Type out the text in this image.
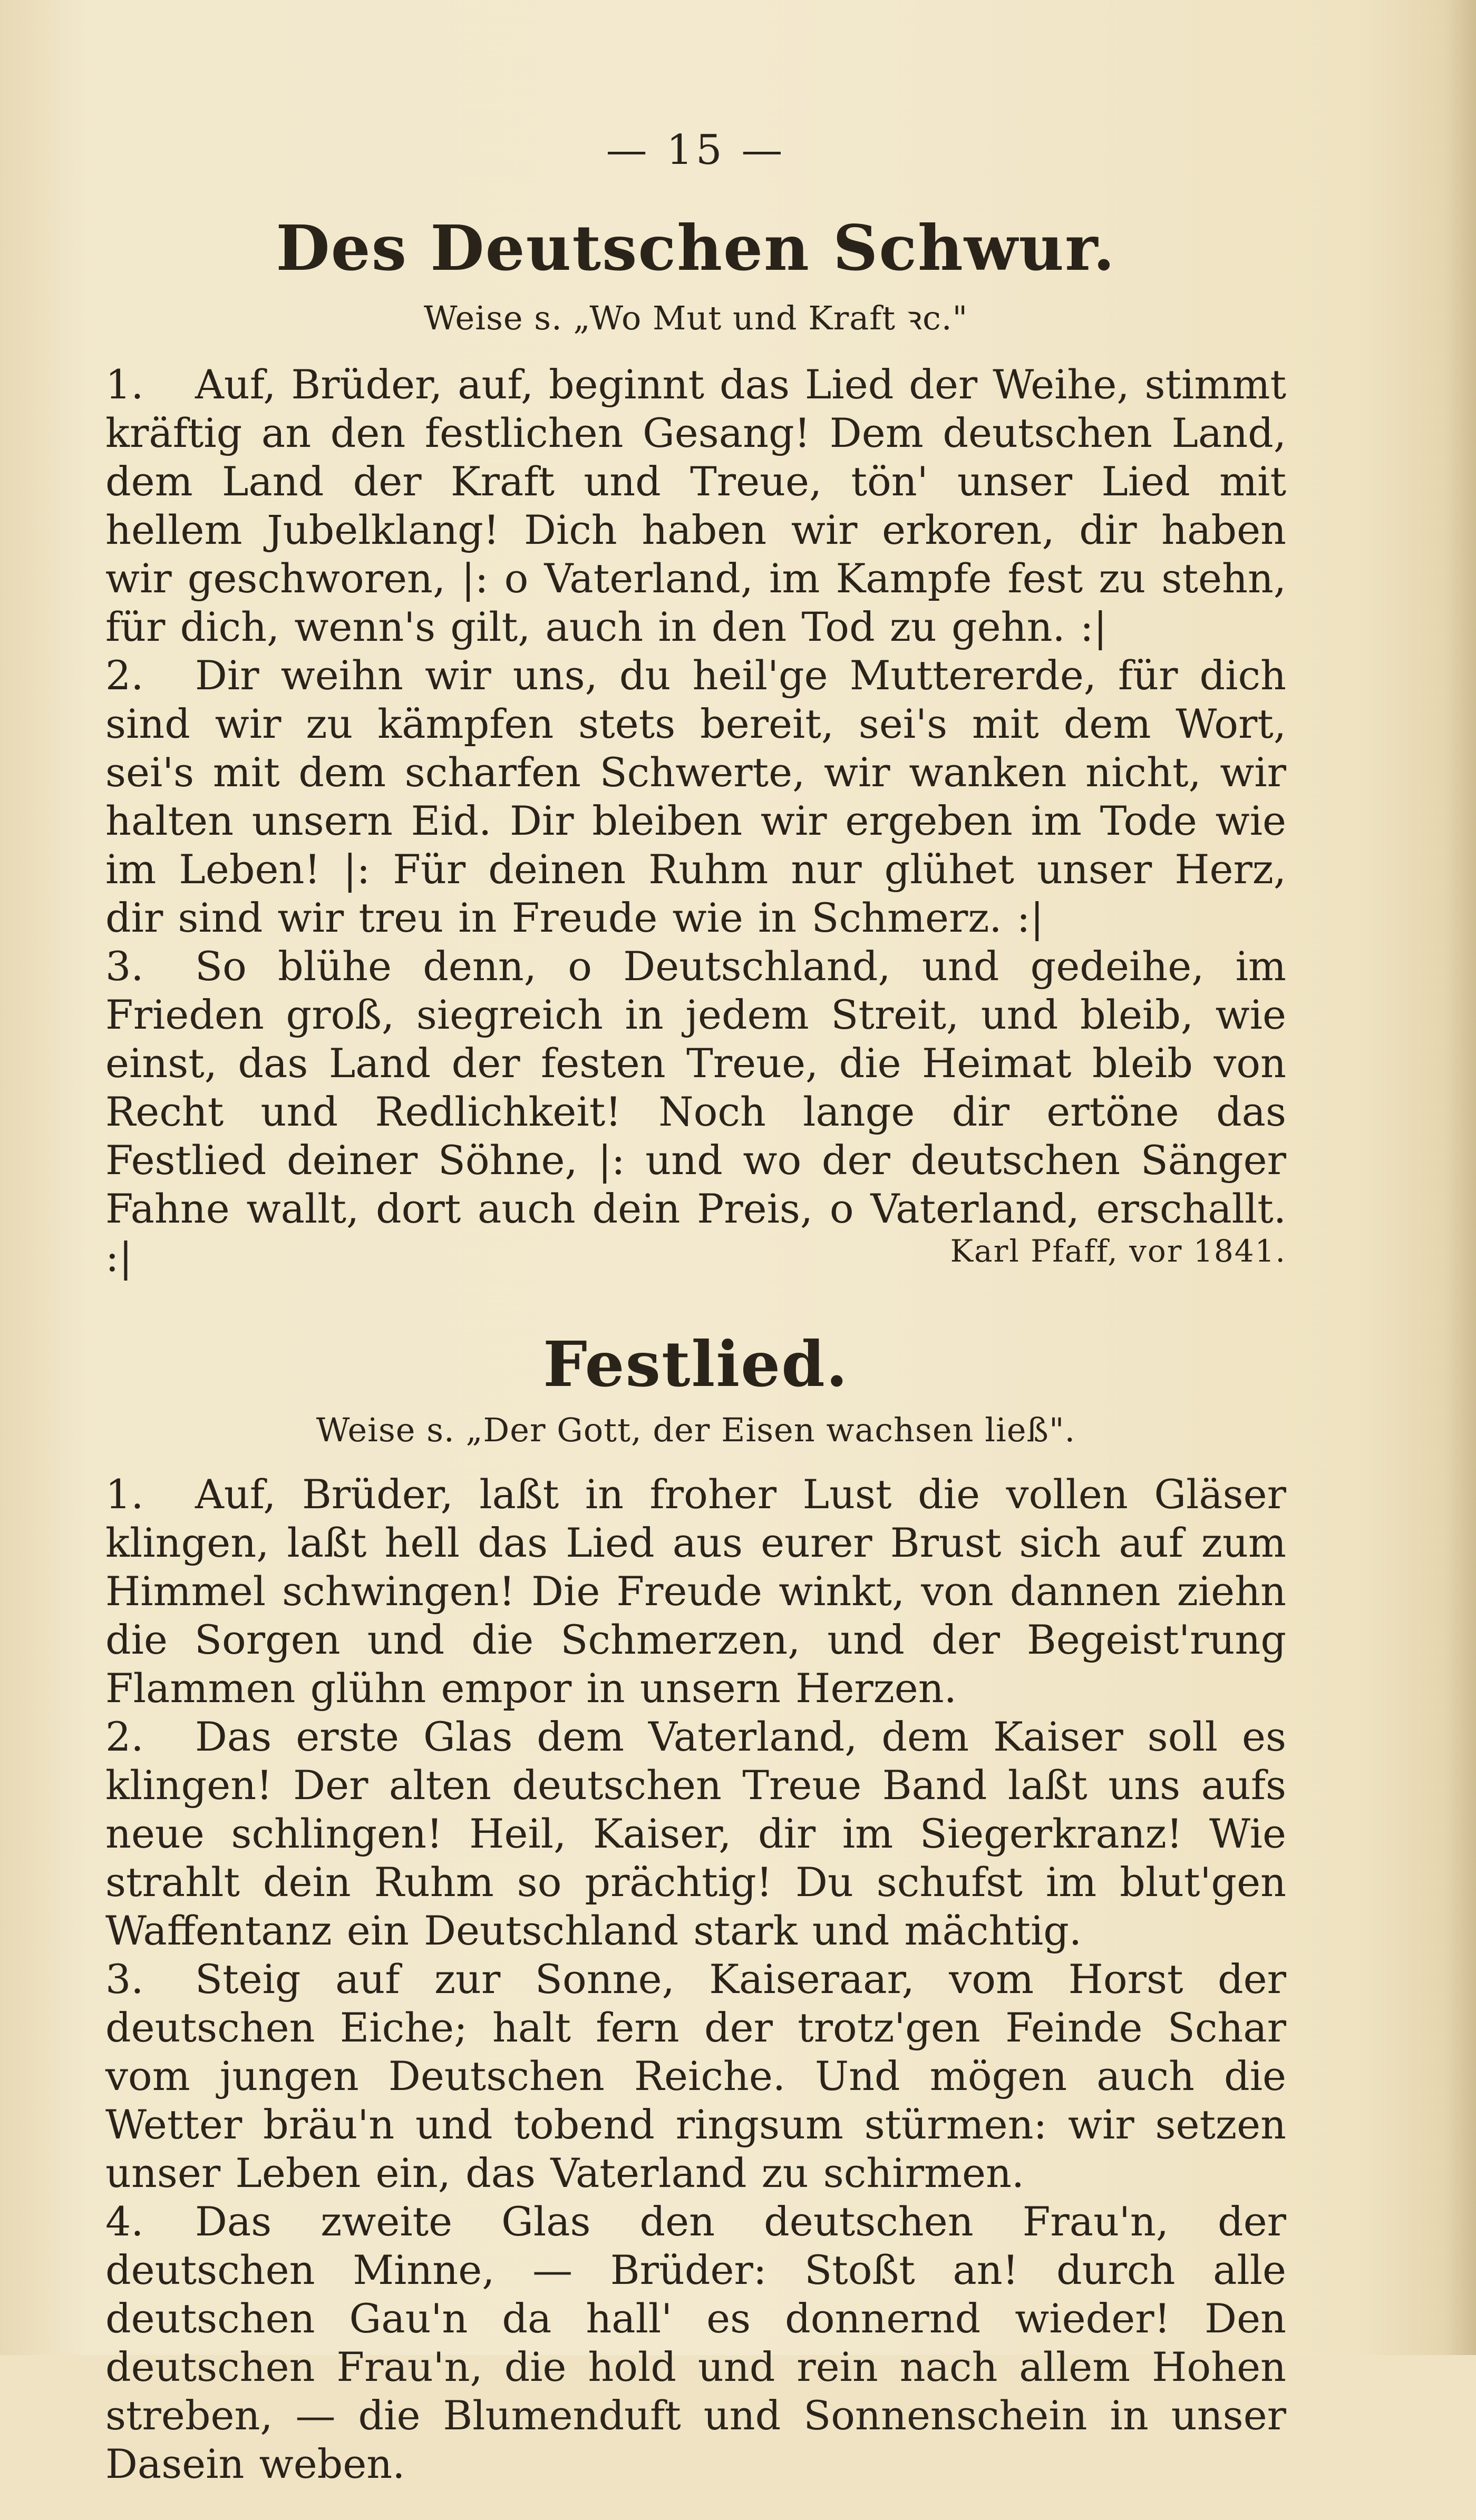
— 15 —
Des Deutschen Schwur.
Weise s. „Wo Mut und Kraft ꝛc."

1. Auf, Brüder, auf, beginnt das Lied der Weihe, stimmt kräftig an den festlichen Gesang! Dem deutschen Land, dem Land der Kraft und Treue, tön' unser Lied mit hellem Jubelklang! Dich haben wir erkoren, dir haben wir geschworen, |: o Vaterland, im Kampfe fest zu stehn, für dich, wenn's gilt, auch in den Tod zu gehn. :|

2. Dir weihn wir uns, du heil'ge Muttererde, für dich sind wir zu kämpfen stets bereit, sei's mit dem Wort, sei's mit dem scharfen Schwerte, wir wanken nicht, wir halten unsern Eid. Dir bleiben wir ergeben im Tode wie im Leben! |: Für deinen Ruhm nur glühet unser Herz, dir sind wir treu in Freude wie in Schmerz. :|

3. So blühe denn, o Deutschland, und gedeihe, im Frieden groß, siegreich in jedem Streit, und bleib, wie einst, das Land der festen Treue, die Heimat bleib von Recht und Redlichkeit! Noch lange dir ertöne das Festlied deiner Söhne, |: und wo der deutschen Sänger Fahne wallt, dort auch dein Preis, o Vaterland, erschallt. :|	Karl Pfaff, vor 1841.
Festlied.
Weise s. „Der Gott, der Eisen wachsen ließ".

1. Auf, Brüder, laßt in froher Lust die vollen Gläser klingen, laßt hell das Lied aus eurer Brust sich auf zum Himmel schwingen! Die Freude winkt, von dannen ziehn die Sorgen und die Schmerzen, und der Begeist'rung Flammen glühn empor in unsern Herzen.

2. Das erste Glas dem Vaterland, dem Kaiser soll es klingen! Der alten deutschen Treue Band laßt uns aufs neue schlingen! Heil, Kaiser, dir im Siegerkranz! Wie strahlt dein Ruhm so prächtig! Du schufst im blut'gen Waffentanz ein Deutschland stark und mächtig.

3. Steig auf zur Sonne, Kaiseraar, vom Horst der deutschen Eiche; halt fern der trotz'gen Feinde Schar vom jungen Deutschen Reiche. Und mögen auch die Wetter bräu'n und tobend ringsum stürmen: wir setzen unser Leben ein, das Vaterland zu schirmen.

4. Das zweite Glas den deutschen Frau'n, der deutschen Minne, — Brüder: Stoßt an! durch alle deutschen Gau'n da hall' es donnernd wieder! Den deutschen Frau'n, die hold und rein nach allem Hohen streben, — die Blumenduft und Sonnenschein in unser Dasein weben.
